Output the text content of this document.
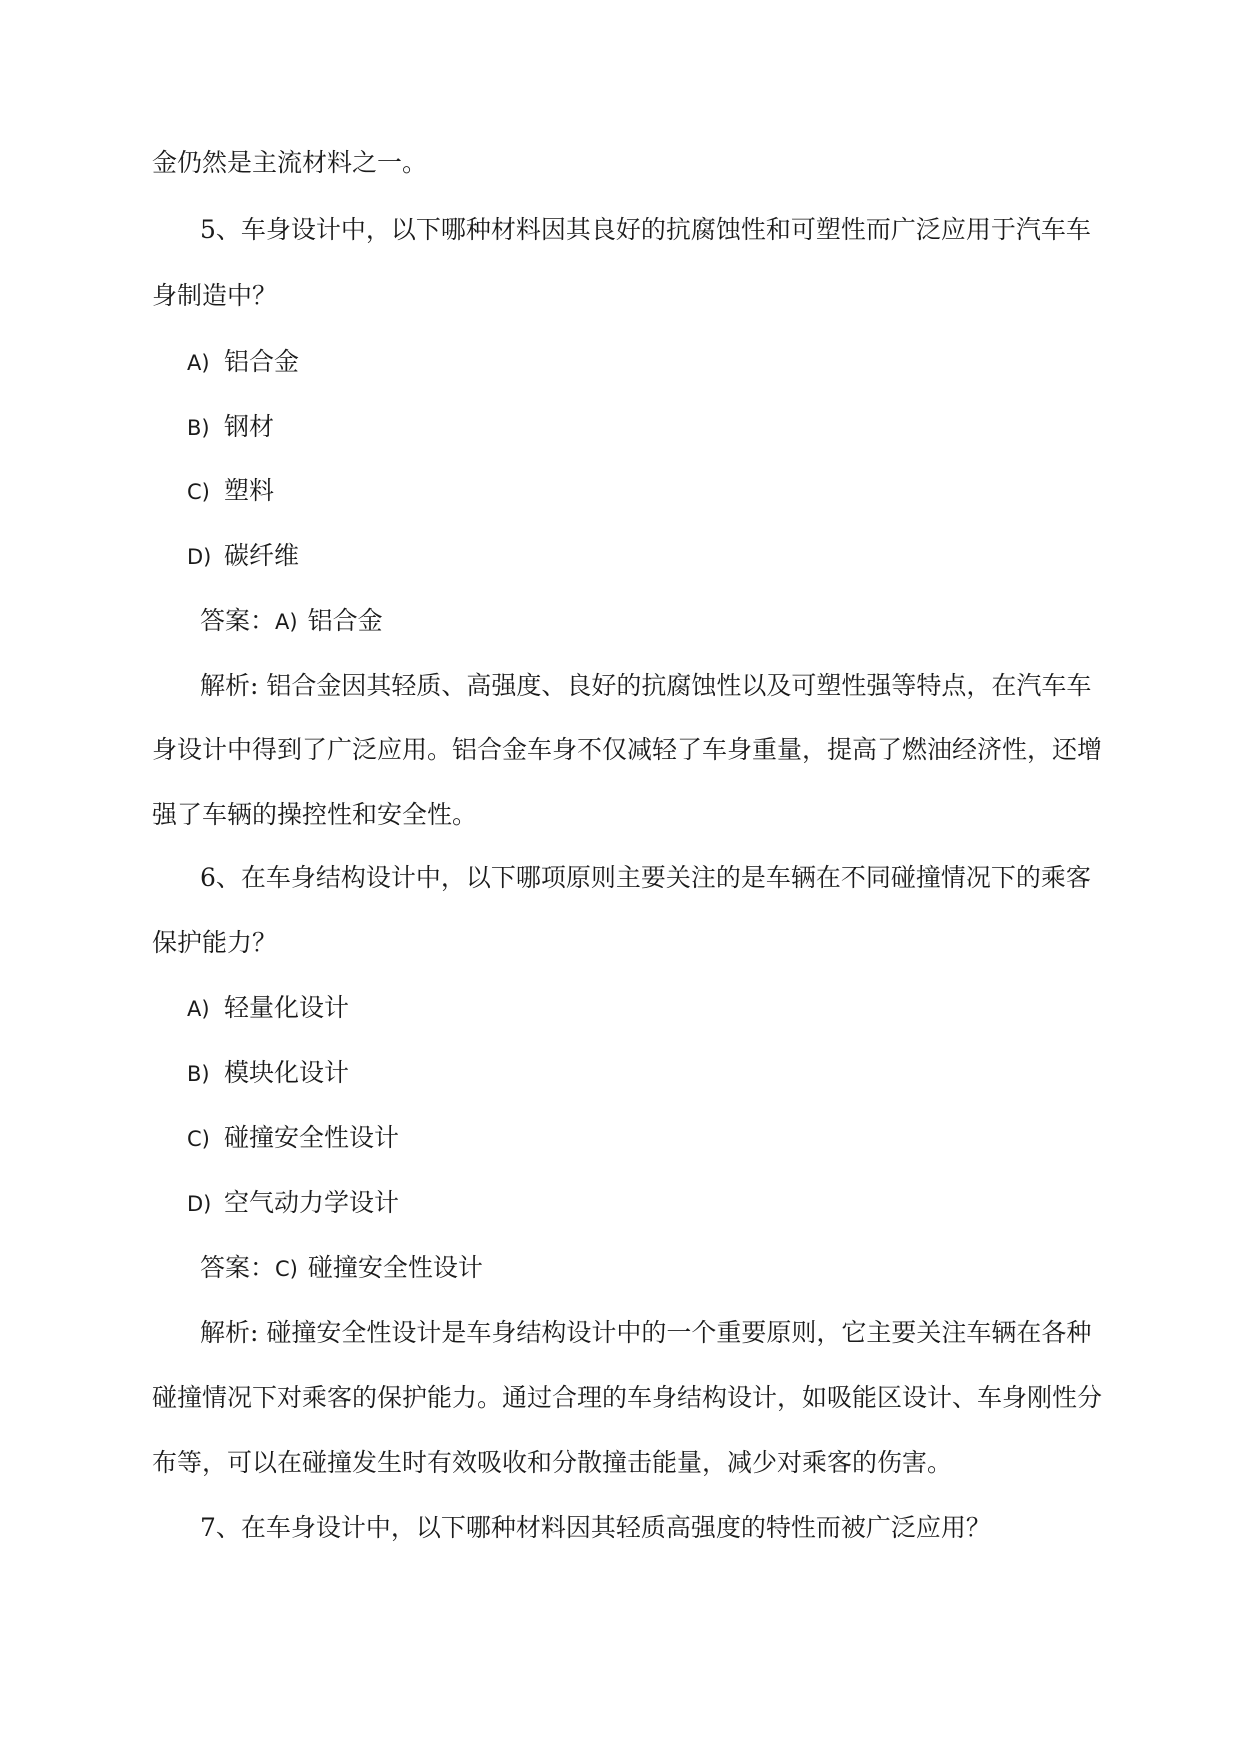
金仍然是主流材料之一。
5、车身设计中，以下哪种材料因其良好的抗腐蚀性和可塑性而广泛应用于汽车车
身制造中？
A) 铝合金
B) 钢材
C) 塑料
D) 碳纤维
答案：A) 铝合金
解析: 铝合金因其轻质、高强度、良好的抗腐蚀性以及可塑性强等特点，在汽车车
身设计中得到了广泛应用。铝合金车身不仅减轻了车身重量，提高了燃油经济性，还增
强了车辆的操控性和安全性。
6、在车身结构设计中，以下哪项原则主要关注的是车辆在不同碰撞情况下的乘客
保护能力？
A) 轻量化设计
B) 模块化设计
C) 碰撞安全性设计
D) 空气动力学设计
答案：C) 碰撞安全性设计
解析: 碰撞安全性设计是车身结构设计中的一个重要原则，它主要关注车辆在各种
碰撞情况下对乘客的保护能力。通过合理的车身结构设计，如吸能区设计、车身刚性分
布等，可以在碰撞发生时有效吸收和分散撞击能量，减少对乘客的伤害。
7、在车身设计中，以下哪种材料因其轻质高强度的特性而被广泛应用？
